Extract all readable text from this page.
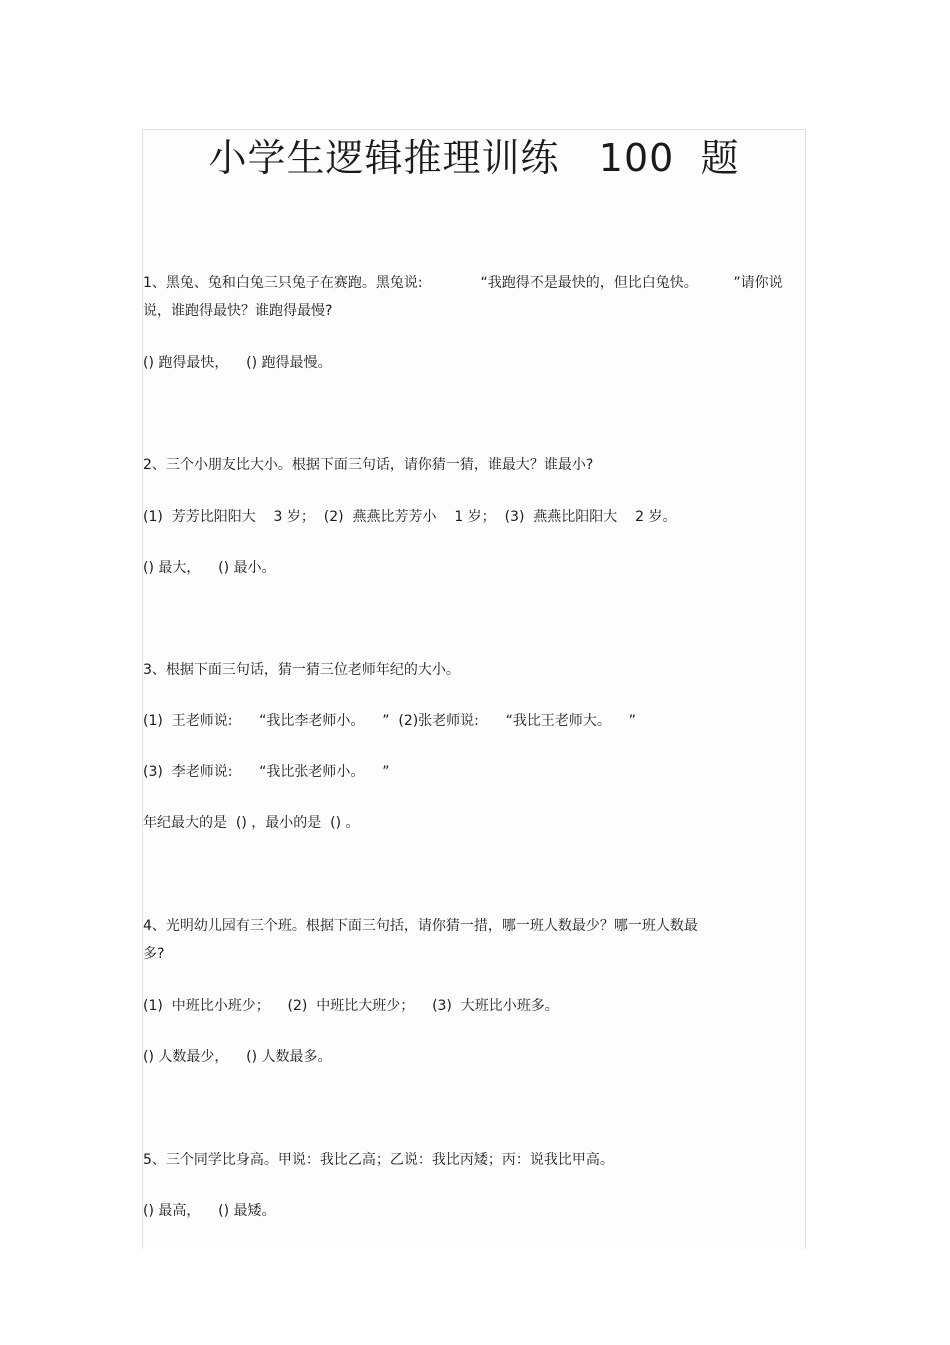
小学生逻辑推理训练   100  题
1、黑兔、兔和白兔三只兔子在赛跑。黑兔说:             “我跑得不是最快的，但比白兔快。        ”请你说
说，谁跑得最快？谁跑得最慢?
() 跑得最快，    () 跑得最慢。
2、三个小朋友比大小。根据下面三句话，请你猜一猜，谁最大？谁最小?
(1)  芳芳比阳阳大    3 岁；  (2)  燕燕比芳芳小    1 岁；  (3)  燕燕比阳阳大    2 岁。
() 最大，    () 最小。
3、根据下面三句话，猜一猜三位老师年纪的大小。
(1)  王老师说:      “我比李老师小。    ”  (2)张老师说:      “我比王老师大。    ”
(3)  李老师说:      “我比张老师小。    ”
年纪最大的是  () ，最小的是  () 。
4、光明幼儿园有三个班。根据下面三句括，请你猜一措，哪一班人数最少？哪一班人数最
多?
(1)  中班比小班少；    (2)  中班比大班少；    (3)  大班比小班多。
() 人数最少，    () 人数最多。
5、三个同学比身高。甲说：我比乙高；乙说：我比丙矮；丙：说我比甲高。
() 最高，    () 最矮。
